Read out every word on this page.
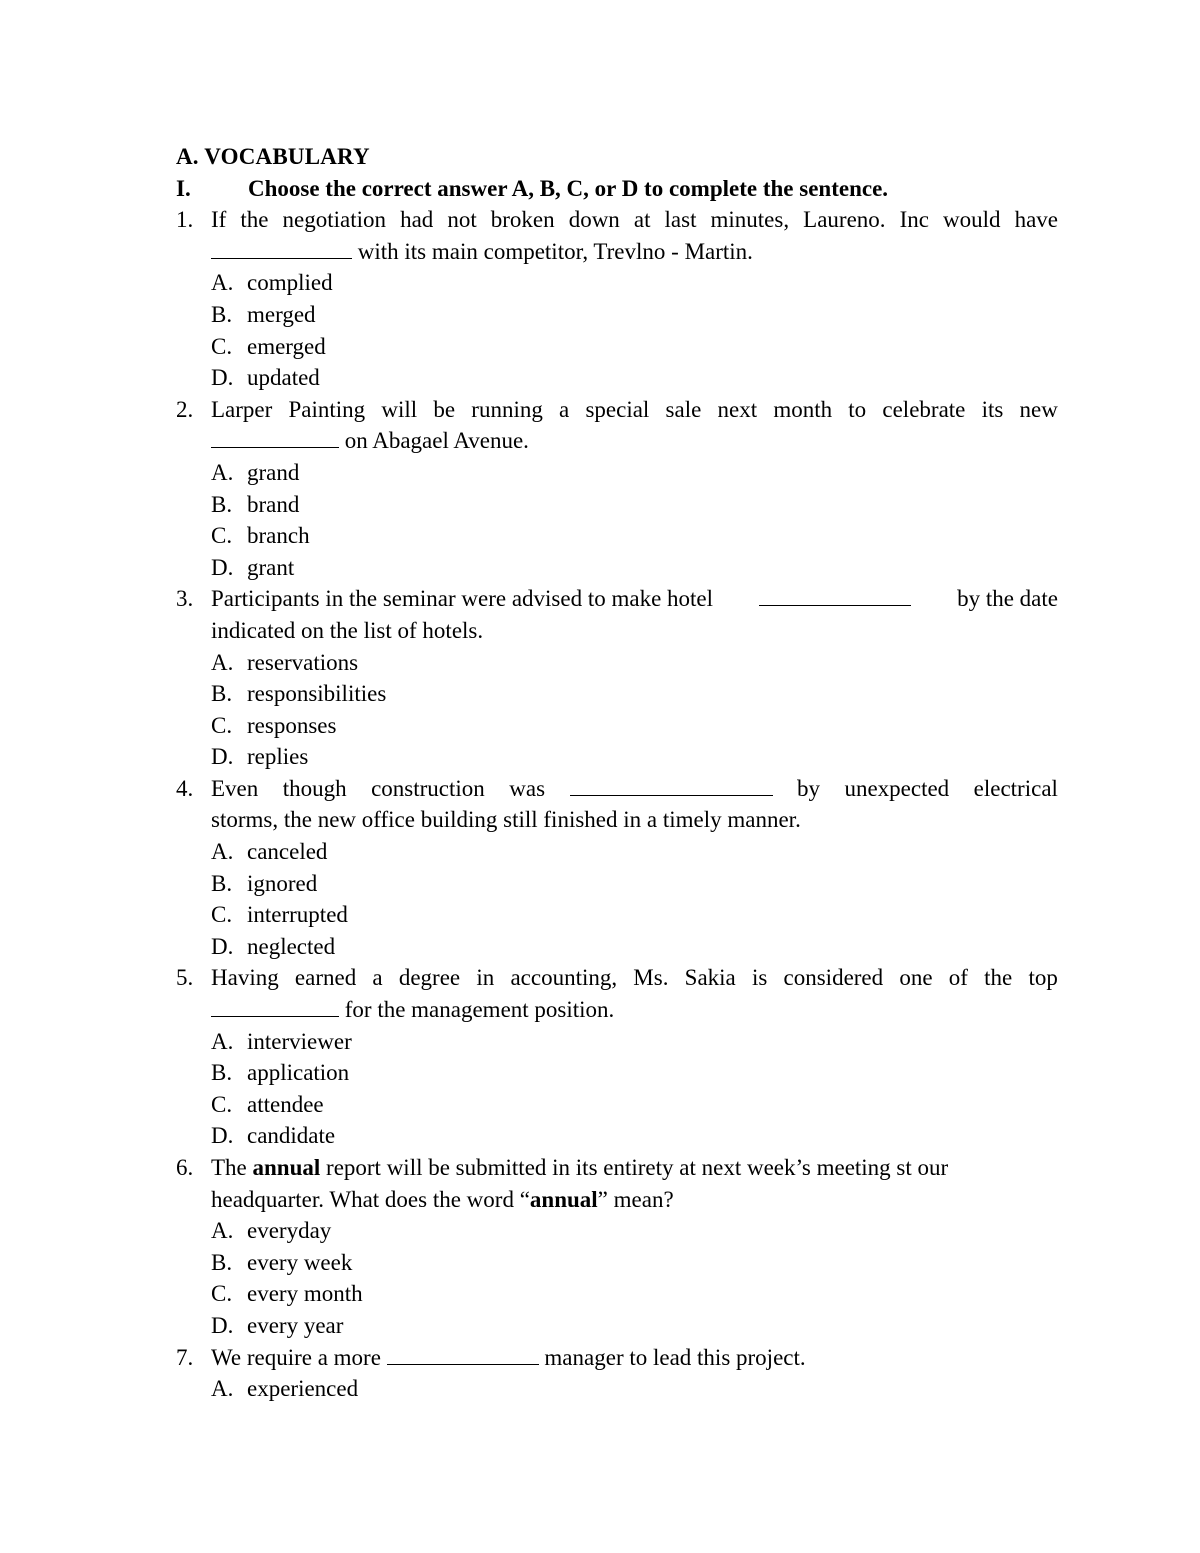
A. VOCABULARY
I.	Choose the correct answer A, B, C, or D to complete the sentence.
1. If the negotiation had not broken down at last minutes, Laureno. Inc would have
with its main competitor, Trevlno - Martin.
A. complied
B. merged
C. emerged
D. updated
2. Larper Painting will be running a special sale next month to celebrate its new
on Abagael Avenue.
A. grand
B. brand
C. branch
D. grant
3. Participants in the seminar were advised to make hotel	by the date
indicated on the list of hotels.
A. reservations
B. responsibilities
C. responses
D. replies
4. Even though construction was	by unexpected electrical
storms, the new office building still finished in a timely manner.
A. canceled
B. ignored
C. interrupted
D. neglected
5. Having earned a degree in accounting, Ms. Sakia is considered one of the top
for the management position.
A. interviewer
B. application
C. attendee
D. candidate
6. The annual report will be submitted in its entirety at next week’s meeting st our
headquarter. What does the word “annual” mean?
A. everyday
B. every week
C. every month
D. every year
7. We require a more	manager to lead this project.
A. experienced
